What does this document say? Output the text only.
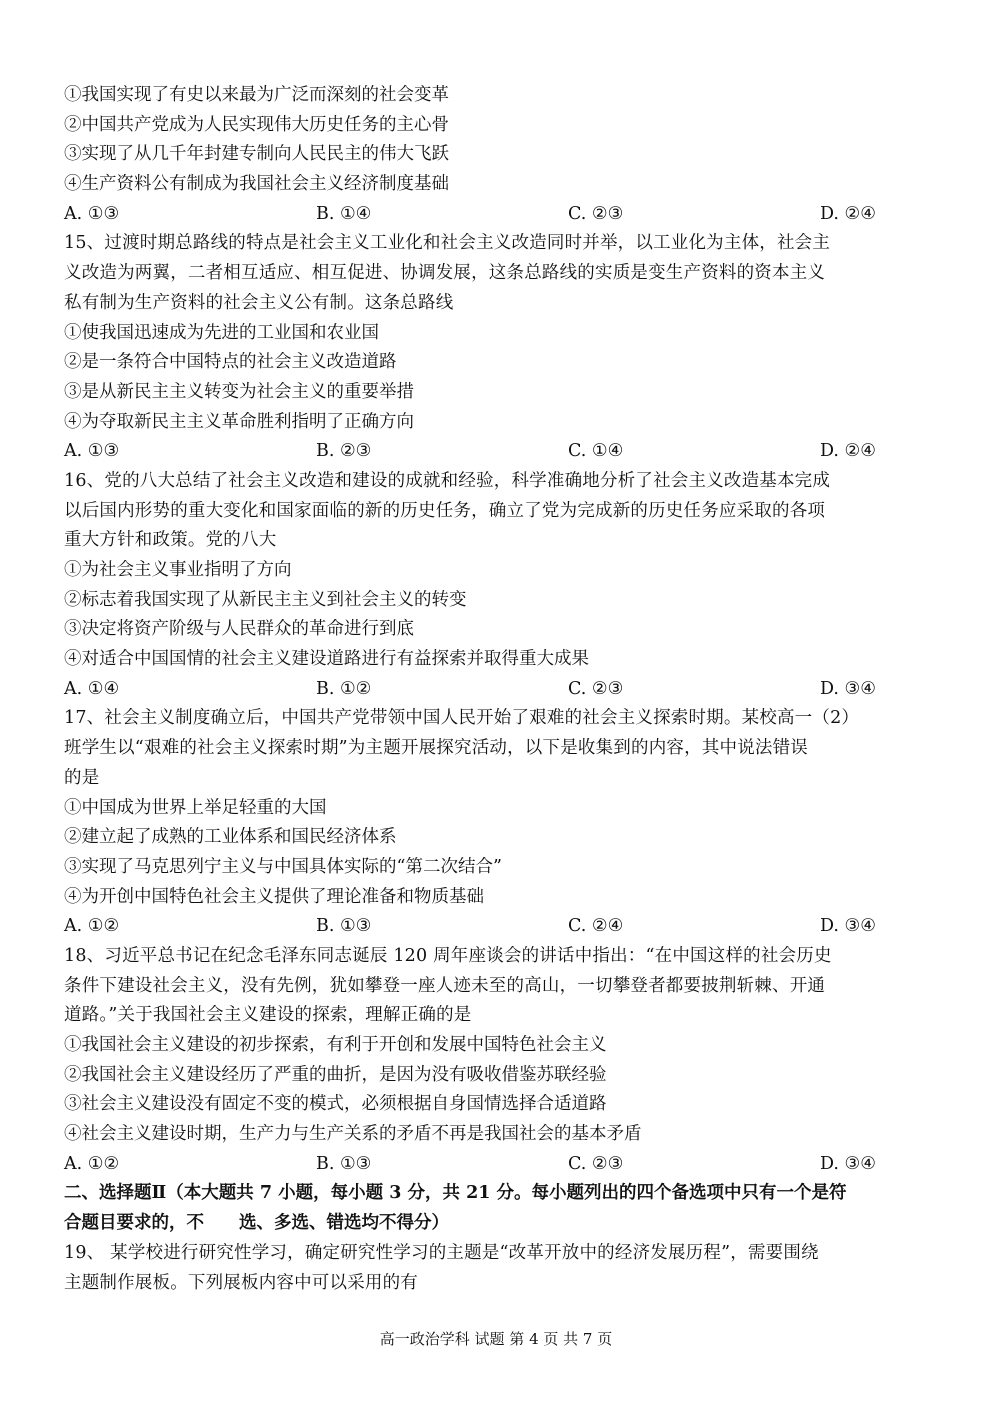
①我国实现了有史以来最为广泛而深刻的社会变革
②中国共产党成为人民实现伟大历史任务的主心骨
③实现了从几千年封建专制向人民民主的伟大飞跃
④生产资料公有制成为我国社会主义经济制度基础
A. ①③	B. ①④	C. ②③	D. ②④
15、过渡时期总路线的特点是社会主义工业化和社会主义改造同时并举，以工业化为主体，社会主
义改造为两翼，二者相互适应、相互促进、协调发展，这条总路线的实质是变生产资料的资本主义
私有制为生产资料的社会主义公有制。这条总路线
①使我国迅速成为先进的工业国和农业国
②是一条符合中国特点的社会主义改造道路
③是从新民主主义转变为社会主义的重要举措
④为夺取新民主主义革命胜利指明了正确方向
A. ①③	B. ②③	C. ①④	D. ②④
16、党的八大总结了社会主义改造和建设的成就和经验，科学准确地分析了社会主义改造基本完成
以后国内形势的重大变化和国家面临的新的历史任务，确立了党为完成新的历史任务应采取的各项
重大方针和政策。党的八大
①为社会主义事业指明了方向
②标志着我国实现了从新民主主义到社会主义的转变
③决定将资产阶级与人民群众的革命进行到底
④对适合中国国情的社会主义建设道路进行有益探索并取得重大成果
A. ①④	B. ①②	C. ②③	D. ③④
17、社会主义制度确立后，中国共产党带领中国人民开始了艰难的社会主义探索时期。某校高一（2）
班学生以“艰难的社会主义探索时期”为主题开展探究活动，以下是收集到的内容，其中说法错误
的是
①中国成为世界上举足轻重的大国
②建立起了成熟的工业体系和国民经济体系
③实现了马克思列宁主义与中国具体实际的“第二次结合”
④为开创中国特色社会主义提供了理论准备和物质基础
A. ①②	B. ①③	C. ②④	D. ③④
18、习近平总书记在纪念毛泽东同志诞辰 120 周年座谈会的讲话中指出：“在中国这样的社会历史
条件下建设社会主义，没有先例，犹如攀登一座人迹未至的高山，一切攀登者都要披荆斩棘、开通
道路。”关于我国社会主义建设的探索，理解正确的是
①我国社会主义建设的初步探索，有利于开创和发展中国特色社会主义
②我国社会主义建设经历了严重的曲折，是因为没有吸收借鉴苏联经验
③社会主义建设没有固定不变的模式，必须根据自身国情选择合适道路
④社会主义建设时期，生产力与生产关系的矛盾不再是我国社会的基本矛盾
A. ①②	B. ①③	C. ②③	D. ③④
二、选择题Ⅱ（本大题共 7 小题，每小题 3 分，共 21 分。每小题列出的四个备选项中只有一个是符
合题目要求的，不　　选、多选、错选均不得分）
19、 某学校进行研究性学习，确定研究性学习的主题是“改革开放中的经济发展历程”，需要围绕
主题制作展板。下列展板内容中可以采用的有
高一政治学科 试题 第 4 页 共 7 页
